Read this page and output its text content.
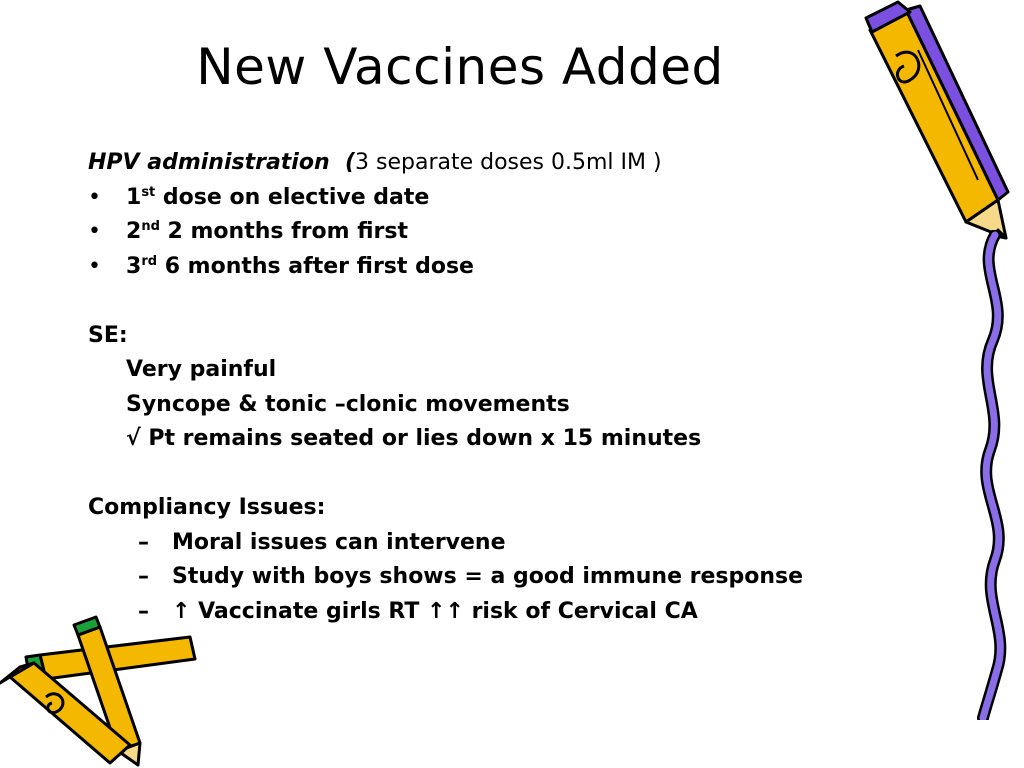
New Vaccines Added
HPV administration (3 separate doses 0.5ml IM )
• 1st dose on elective date
• 2nd 2 months from first
• 3rd 6 months after first dose
SE:
Very painful
Syncope & tonic –clonic movements
√ Pt remains seated or lies down x 15 minutes
Compliancy Issues:
– Moral issues can intervene
– Study with boys shows = a good immune response
– ↑ Vaccinate girls RT ↑↑ risk of Cervical CA
